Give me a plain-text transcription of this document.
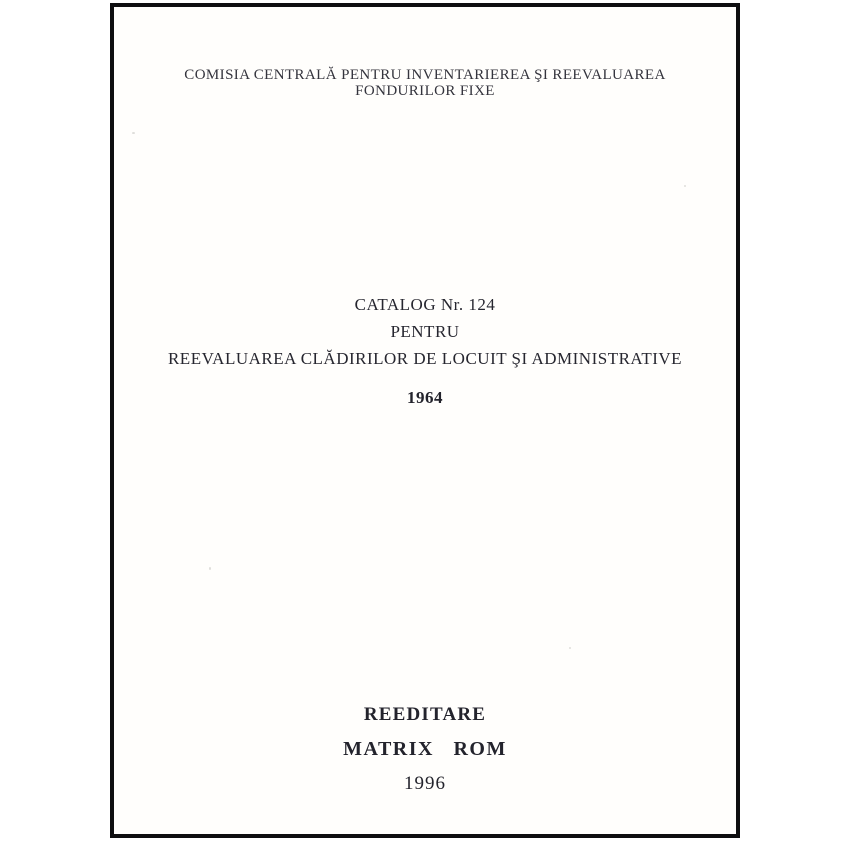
COMISIA CENTRALĂ PENTRU INVENTARIEREA ŞI REEVALUAREA
FONDURILOR FIXE
CATALOG Nr. 124
PENTRU
REEVALUAREA CLĂDIRILOR DE LOCUIT ŞI ADMINISTRATIVE
1964
REEDITARE
MATRIX ROM
1996
